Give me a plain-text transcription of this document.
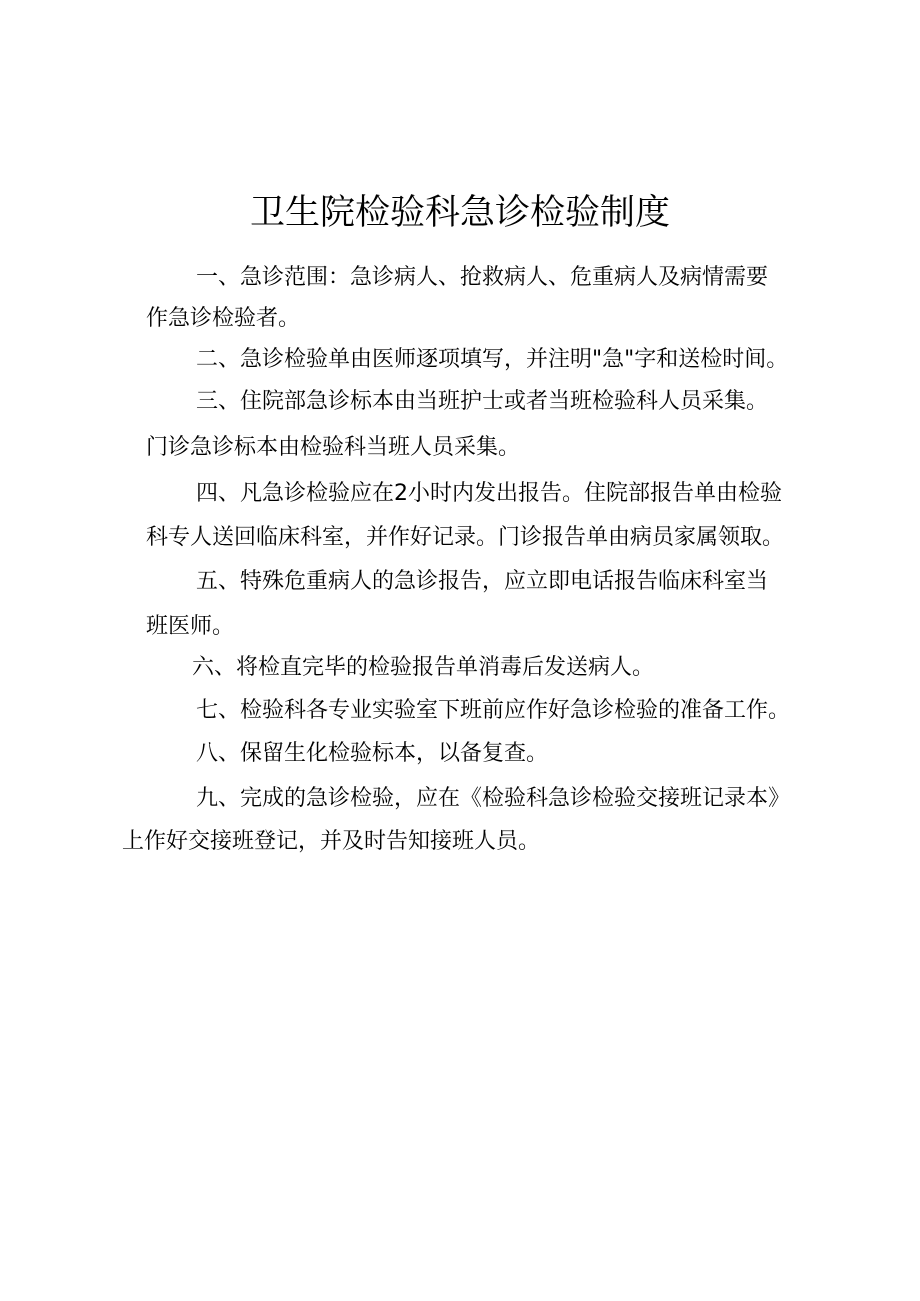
卫生院检验科急诊检验制度
一、急诊范围：急诊病人、抢救病人、危重病人及病情需要
作急诊检验者。
二、急诊检验单由医师逐项填写，并注明"急"字和送检时间。
三、住院部急诊标本由当班护士或者当班检验科人员采集。
门诊急诊标本由检验科当班人员采集。
四、凡急诊检验应在2小时内发出报告。住院部报告单由检验
科专人送回临床科室，并作好记录。门诊报告单由病员家属领取。
五、特殊危重病人的急诊报告，应立即电话报告临床科室当
班医师。
六、将检直完毕的检验报告单消毒后发送病人。
七、检验科各专业实验室下班前应作好急诊检验的准备工作。
八、保留生化检验标本，以备复查。
九、完成的急诊检验，应在《检验科急诊检验交接班记录本》
上作好交接班登记，并及时告知接班人员。
